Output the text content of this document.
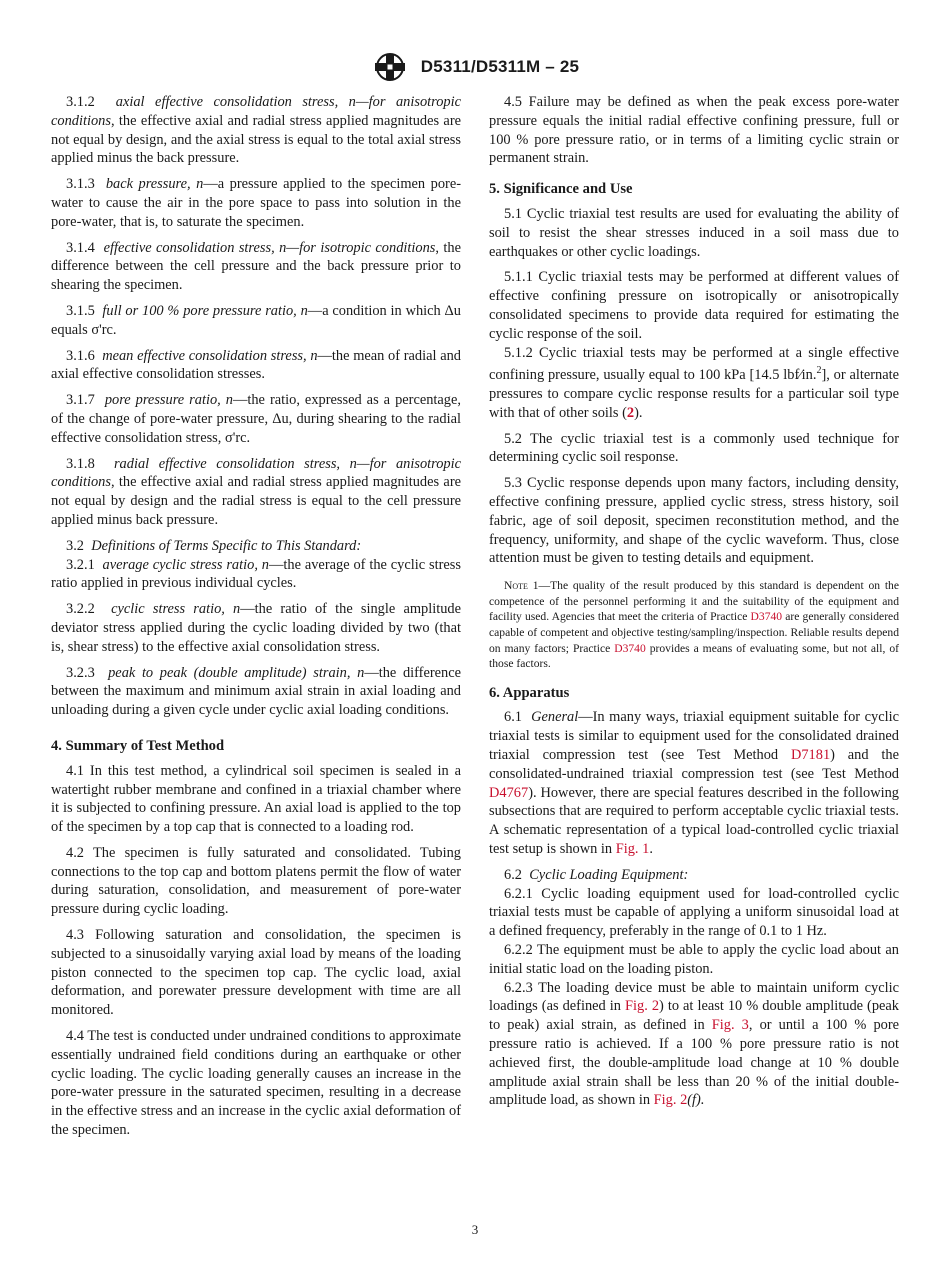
D5311/D5311M – 25

3.1.2 axial effective consolidation stress, n—for anisotropic conditions, the effective axial and radial stress applied magnitudes are not equal by design, and the axial stress is equal to the total axial stress applied minus the back pressure.

3.1.3 back pressure, n—a pressure applied to the specimen pore-water to cause the air in the pore space to pass into solution in the pore-water, that is, to saturate the specimen.

3.1.4 effective consolidation stress, n—for isotropic conditions, the difference between the cell pressure and the back pressure prior to shearing the specimen.

3.1.5 full or 100 % pore pressure ratio, n—a condition in which Δu equals σ'rc.

3.1.6 mean effective consolidation stress, n—the mean of radial and axial effective consolidation stresses.

3.1.7 pore pressure ratio, n—the ratio, expressed as a percentage, of the change of pore-water pressure, Δu, during shearing to the radial effective consolidation stress, σ'rc.

3.1.8 radial effective consolidation stress, n—for anisotropic conditions, the effective axial and radial stress applied magnitudes are not equal by design and the radial stress is equal to the cell pressure applied minus back pressure.

3.2 Definitions of Terms Specific to This Standard:

3.2.1 average cyclic stress ratio, n—the average of the cyclic stress ratio applied in previous individual cycles.

3.2.2 cyclic stress ratio, n—the ratio of the single amplitude deviator stress applied during the cyclic loading divided by two (that is, shear stress) to the effective axial consolidation stress.

3.2.3 peak to peak (double amplitude) strain, n—the difference between the maximum and minimum axial strain in axial loading and unloading during a given cycle under cyclic axial loading conditions.

4. Summary of Test Method

4.1 In this test method, a cylindrical soil specimen is sealed in a watertight rubber membrane and confined in a triaxial chamber where it is subjected to confining pressure. An axial load is applied to the top of the specimen by a top cap that is connected to a loading rod.

4.2 The specimen is fully saturated and consolidated. Tubing connections to the top cap and bottom platens permit the flow of water during saturation, consolidation, and measurement of pore-water pressure during cyclic loading.

4.3 Following saturation and consolidation, the specimen is subjected to a sinusoidally varying axial load by means of the loading piston connected to the specimen top cap. The cyclic load, axial deformation, and porewater pressure development with time are all monitored.

4.4 The test is conducted under undrained conditions to approximate essentially undrained field conditions during an earthquake or other cyclic loading. The cyclic loading generally causes an increase in the pore-water pressure in the saturated specimen, resulting in a decrease in the effective stress and an increase in the cyclic axial deformation of the specimen.

4.5 Failure may be defined as when the peak excess pore-water pressure equals the initial radial effective confining pressure, full or 100 % pore pressure ratio, or in terms of a limiting cyclic strain or permanent strain.

5. Significance and Use

5.1 Cyclic triaxial test results are used for evaluating the ability of soil to resist the shear stresses induced in a soil mass due to earthquakes or other cyclic loadings.

5.1.1 Cyclic triaxial tests may be performed at different values of effective confining pressure on isotropically or anisotropically consolidated specimens to provide data required for estimating the cyclic response of the soil.

5.1.2 Cyclic triaxial tests may be performed at a single effective confining pressure, usually equal to 100 kPa [14.5 lbf⁄in.$^2$], or alternate pressures to compare cyclic response results for a particular soil type with that of other soils (2).

5.2 The cyclic triaxial test is a commonly used technique for determining cyclic soil response.

5.3 Cyclic response depends upon many factors, including density, effective confining pressure, applied cyclic stress, stress history, soil fabric, age of soil deposit, specimen reconstitution method, and the frequency, uniformity, and shape of the cyclic waveform. Thus, close attention must be given to testing details and equipment.

Note 1—The quality of the result produced by this standard is dependent on the competence of the personnel performing it and the suitability of the equipment and facility used. Agencies that meet the criteria of Practice D3740 are generally considered capable of competent and objective testing/sampling/inspection. Reliable results depend on many factors; Practice D3740 provides a means of evaluating some, but not all, of those factors.
6. Apparatus

6.1 General—In many ways, triaxial equipment suitable for cyclic triaxial tests is similar to equipment used for the consolidated drained triaxial compression test (see Test Method D7181) and the consolidated-undrained triaxial compression test (see Test Method D4767). However, there are special features described in the following subsections that are required to perform acceptable cyclic triaxial tests. A schematic representation of a typical load-controlled cyclic triaxial test setup is shown in Fig. 1.

6.2 Cyclic Loading Equipment:

6.2.1 Cyclic loading equipment used for load-controlled cyclic triaxial tests must be capable of applying a uniform sinusoidal load at a defined frequency, preferably in the range of 0.1 to 1 Hz.

6.2.2 The equipment must be able to apply the cyclic load about an initial static load on the loading piston.

6.2.3 The loading device must be able to maintain uniform cyclic loadings (as defined in Fig. 2) to at least 10 % double amplitude (peak to peak) axial strain, as defined in Fig. 3, or until a 100 % pore pressure ratio is achieved. If a 100 % pore pressure ratio is not achieved first, the double-amplitude load change at 10 % double amplitude axial strain shall be less than 20 % of the initial double-amplitude load, as shown in Fig. 2(f).

3
